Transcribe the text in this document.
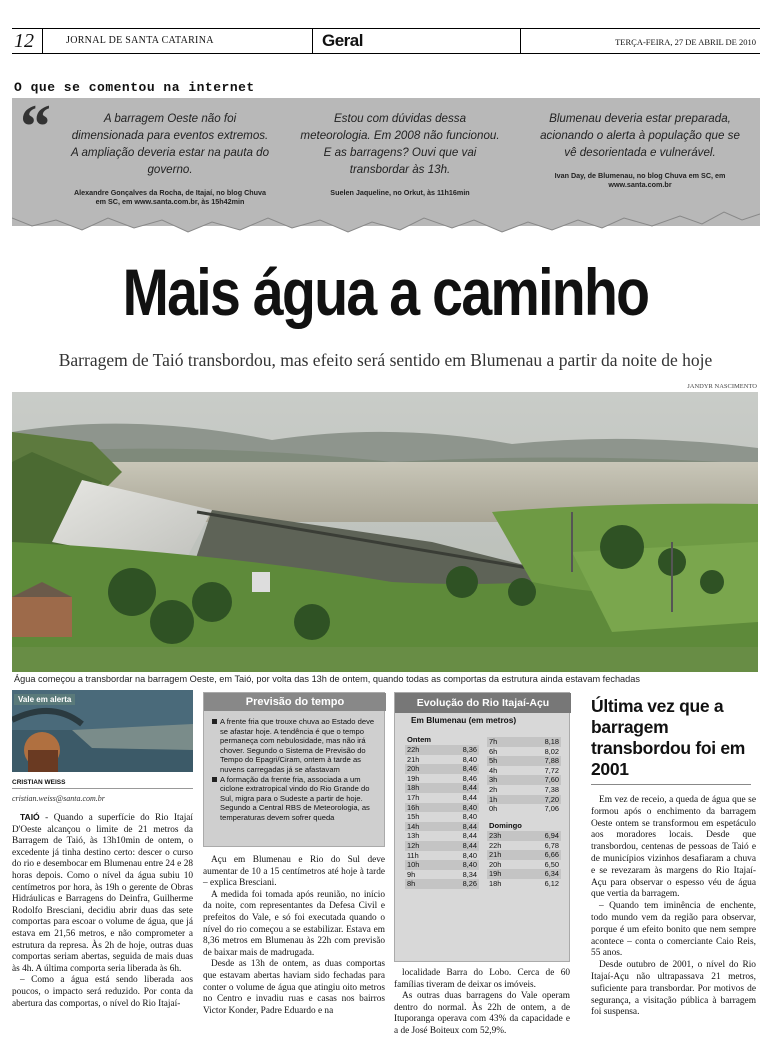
12	JORNAL DE SANTA CATARINA	Geral	TERÇA-FEIRA, 27 DE ABRIL DE 2010
O que se comentou na internet
A barragem Oeste não foi dimensionada para eventos extremos. A ampliação deveria estar na pauta do governo.
Alexandre Gonçalves da Rocha, de Itajaí, no blog Chuva em SC, em www.santa.com.br, às 15h42min
Estou com dúvidas dessa meteorologia. Em 2008 não funcionou. E as barragens? Ouvi que vai transbordar às 13h.
Suelen Jaqueline, no Orkut, às 11h16min
Blumenau deveria estar preparada, acionando o alerta à população que se vê desorientada e vulnerável.
Ivan Day, de Blumenau, no blog Chuva em SC, em www.santa.com.br
“
Mais água a caminho
Barragem de Taió transbordou, mas efeito será sentido em Blumenau a partir da noite de hoje
JANDYR NASCIMENTO
Água começou a transbordar na barragem Oeste, em Taió, por volta das 13h de ontem, quando todas as comportas da estrutura ainda estavam fechadas
Vale em alerta
CRISTIAN WEISS
cristian.weiss@santa.com.br

TAIÓ - Quando a superfície do Rio Itajaí D'Oeste alcançou o limite de 21 metros da Barragem de Taió, às 13h10min de ontem, o excedente já tinha destino certo: descer o curso do rio e desembocar em Blumenau entre 24 e 28 horas depois. Como o nível da água subiu 10 centímetros por hora, às 19h o gerente de Obras Hidráulicas e Barragens do Deinfra, Guilherme Rodolfo Bresciani, decidiu abrir duas das sete comportas para escoar o volume de água, que já estava em 21,56 metros, e não comprometer a estrutura da represa. Às 2h de hoje, outras duas comportas seriam abertas, seguida de mais duas às 4h. A última comporta seria liberada às 6h.

– Como a água está sendo liberada aos poucos, o impacto será reduzido. Por conta da abertura das comportas, o nível do Rio Itajaí-

Previsão do tempo
A frente fria que trouxe chuva ao Estado deve se afastar hoje. A tendência é que o tempo permaneça com nebulosidade, mas não irá chover. Segundo o Sistema de Previsão do Tempo do Epagri/Ciram, ontem à tarde as nuvens carregadas já se afastavam
A formação da frente fria, associada a um ciclone extratropical vindo do Rio Grande do Sul, migra para o Sudeste a partir de hoje. Segundo a Central RBS de Meteorologia, as temperaturas devem sofrer queda

Açu em Blumenau e Rio do Sul deve aumentar de 10 a 15 centímetros até hoje à tarde – explica Bresciani.

A medida foi tomada após reunião, no início da noite, com representantes da Defesa Civil e prefeitos do Vale, e só foi executada quando o nível do rio começou a se estabilizar. Estava em 8,36 metros em Blumenau às 22h com previsão de baixar mais de madrugada.

Desde as 13h de ontem, as duas comportas que estavam abertas haviam sido fechadas para conter o volume de água que atingiu oito metros no Centro e invadiu ruas e casas nos bairros Victor Konder, Padre Eduardo e na

Evolução do Rio Itajaí-Açu
Em Blumenau (em metros)
Ontem
22h	8,36
21h	8,40
20h	8,46
19h	8,46
18h	8,44
17h	8,44
16h	8,40
15h	8,40
14h	8,44
13h	8,44
12h	8,44
11h	8,40
10h	8,40
9h	8,34
8h	8,26
7h	8,18
6h	8,02
5h	7,88
4h	7,72
3h	7,60
2h	7,38
1h	7,20
0h	7,06
Domingo
23h	6,94
22h	6,78
21h	6,66
20h	6,50
19h	6,34
18h	6,12

localidade Barra do Lobo. Cerca de 60 famílias tiveram de deixar os imóveis.

As outras duas barragens do Vale operam dentro do normal. Às 22h de ontem, a de Ituporanga operava com 43% da capacidade e a de José Boiteux com 52,9%.

Última vez que a barragem transbordou foi em 2001

Em vez de receio, a queda de água que se formou após o enchimento da barragem Oeste ontem se transformou em espetáculo aos moradores locais. Desde que transbordou, centenas de pessoas de Taió e de municípios vizinhos desafiaram a chuva e se revezaram às margens do Rio Itajaí-Açu para observar o espesso véu de água que vertia da barragem.

– Quando tem iminência de enchente, todo mundo vem da região para observar, porque é um efeito bonito que nem sempre acontece – conta o comerciante Caio Reis, 55 anos.

Desde outubro de 2001, o nível do Rio Itajaí-Açu não ultrapassava 21 metros, suficiente para transbordar. Por motivos de segurança, a visitação pública à barragem foi suspensa.
